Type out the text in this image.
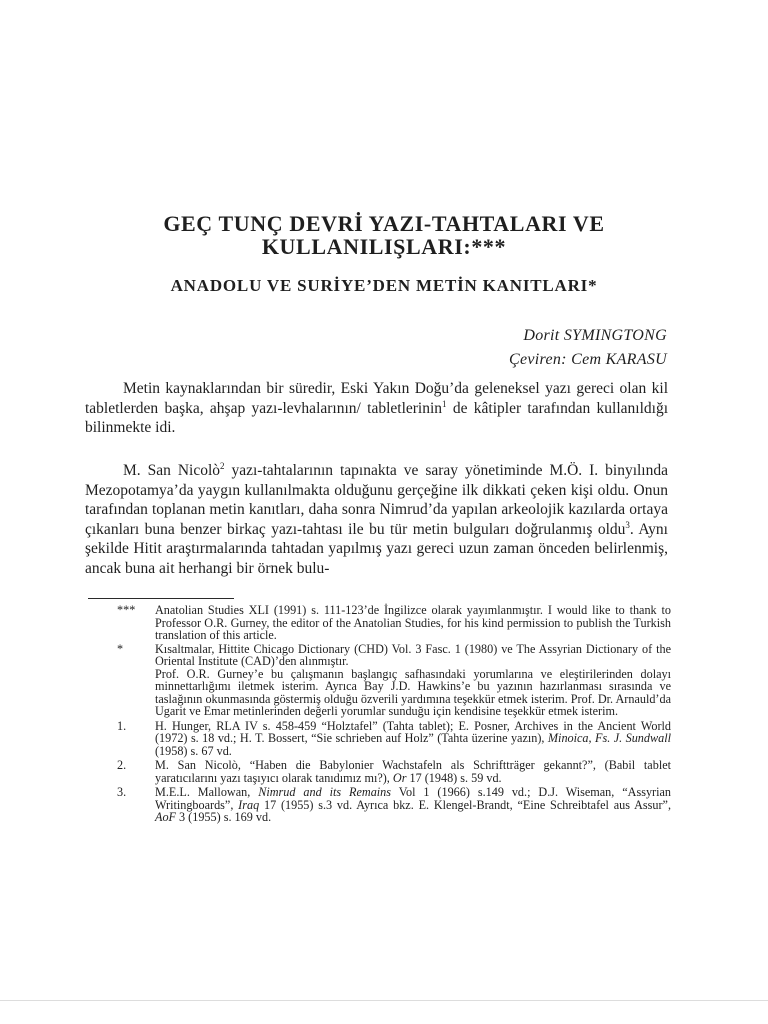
GEÇ TUNÇ DEVRİ YAZI-TAHTALARI VE
KULLANILIŞLARI:***
ANADOLU VE SURİYE’DEN METİN KANITLARI*
Dorit SYMINGTONG
Çeviren: Cem KARASU

Metin kaynaklarından bir süredir, Eski Yakın Doğu’da geleneksel yazı gereci olan kil tabletlerden başka, ahşap yazı-levhalarının/ tabletlerinin$^1$ de kâtipler tarafından kullanıldığı bilinmekte idi.

M. San Nicolò$^2$ yazı-tahtalarının tapınakta ve saray yönetiminde M.Ö. I. binyılında Mezopotamya’da yaygın kullanılmakta olduğunu gerçeğine ilk dikkati çeken kişi oldu. Onun tarafından toplanan metin kanıtları, daha sonra Nimrud’da yapılan arkeolojik kazılarda ortaya çıkanları buna benzer birkaç yazı-tahtası ile bu tür metin bulguları doğrulanmış oldu$^3$. Aynı şekilde Hitit araştırmalarında tahtadan yapılmış yazı gereci uzun zaman önceden belirlenmiş, ancak buna ait herhangi bir örnek bulu-

***	Anatolian Studies XLI (1991) s. 111-123’de İngilizce olarak yayımlanmıştır. I would like to thank to Professor O.R. Gurney, the editor of the Anatolian Studies, for his kind permission to publish the Turkish translation of this article.

*	Kısaltmalar, Hittite Chicago Dictionary (CHD) Vol. 3 Fasc. 1 (1980) ve The Assyrian Dictionary of the Oriental Institute (CAD)’den alınmıştır.

Prof. O.R. Gurney’e bu çalışmanın başlangıç safhasındaki yorumlarına ve eleştirilerinden dolayı minnettarlığımı iletmek isterim. Ayrıca Bay J.D. Hawkins’e bu yazının hazırlanması sırasında ve taslağının okunmasında göstermiş olduğu özverili yardımına teşekkür etmek isterim. Prof. Dr. Arnauld’da Ugarit ve Emar metinlerinden değerli yorumlar sunduğu için kendisine teşekkür etmek isterim.

1.	H. Hunger, RLA IV s. 458-459 “Holztafel” (Tahta tablet); E. Posner, Archives in the Ancient World (1972) s. 18 vd.; H. T. Bossert, “Sie schrieben auf Holz” (Tahta üzerine yazın), Minoica, Fs. J. Sundwall (1958) s. 67 vd.

2.	M. San Nicolò, “Haben die Babylonier Wachstafeln als Schriftträger gekannt?”, (Babil tablet yaratıcılarını yazı taşıyıcı olarak tanıdımız mı?), Or 17 (1948) s. 59 vd.

3.	M.E.L. Mallowan, Nimrud and its Remains Vol 1 (1966) s.149 vd.; D.J. Wiseman, “Assyrian Writingboards”, Iraq 17 (1955) s.3 vd. Ayrıca bkz. E. Klengel-Brandt, “Eine Schreibtafel aus Assur”, AoF 3 (1955) s. 169 vd.
